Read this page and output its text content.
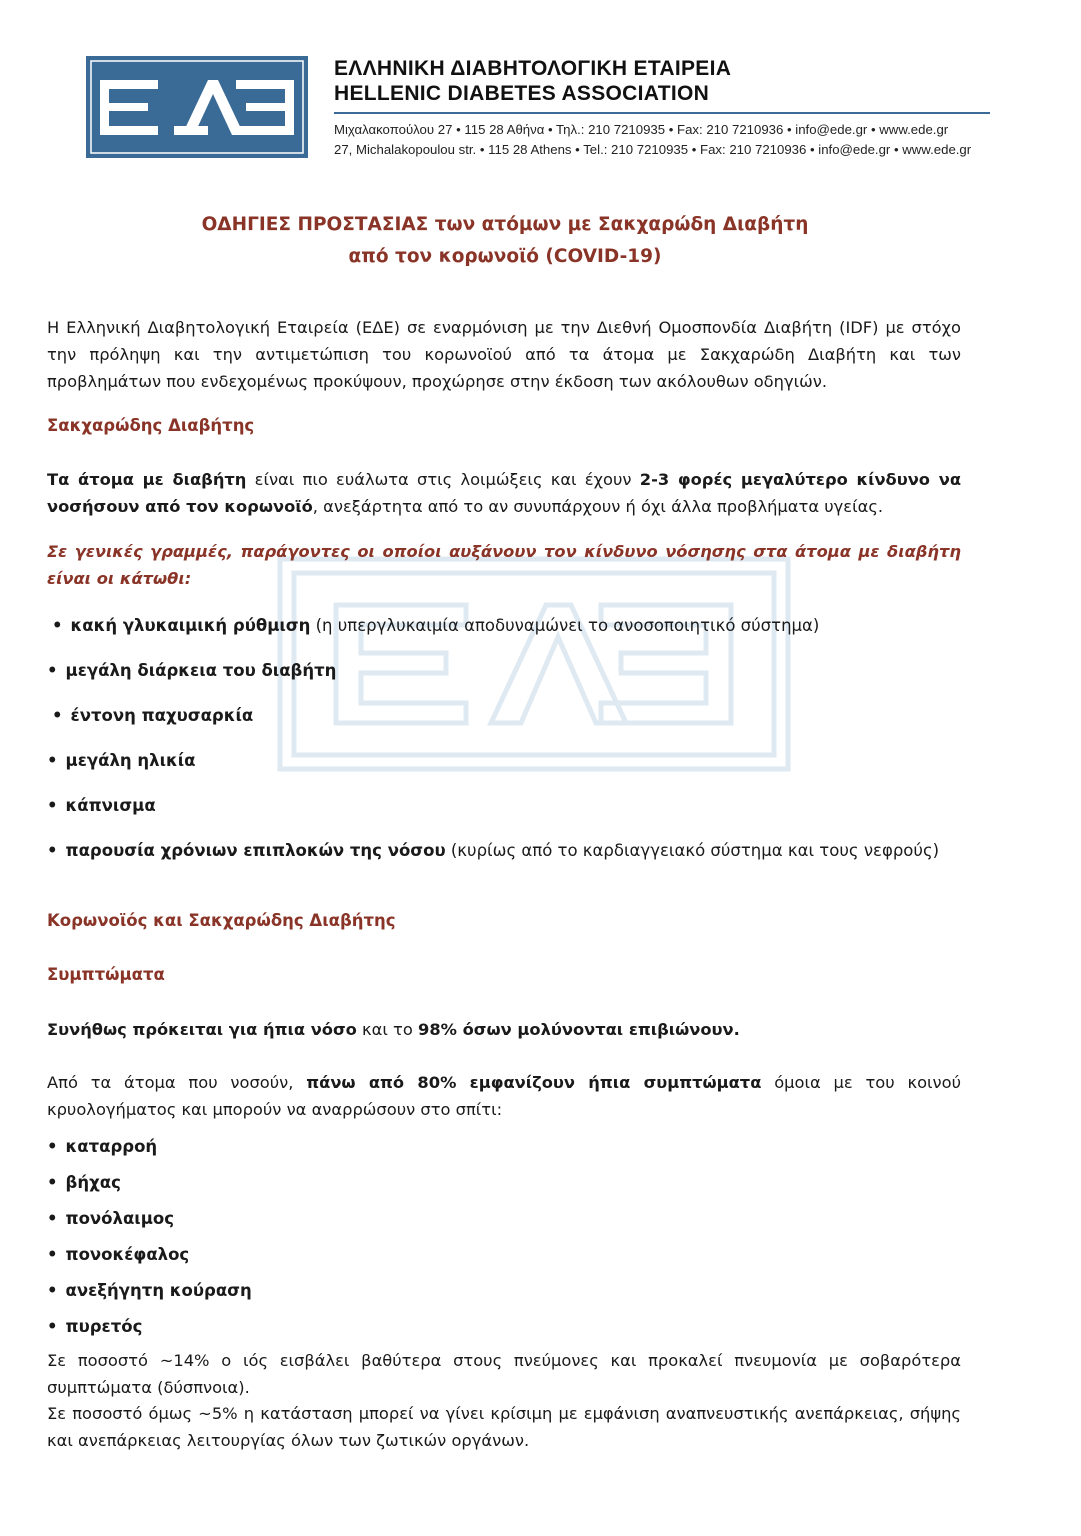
ΕΛΛΗΝΙΚΗ ΔΙΑΒΗΤΟΛΟΓΙΚΗ ΕΤΑΙΡΕΙΑ
HELLENIC DIABETES ASSOCIATION
Μιχαλακοπούλου 27 • 115 28 Αθήνα • Τηλ.: 210 7210935 • Fax: 210 7210936 • info@ede.gr • www.ede.gr
27, Michalakopoulou str. • 115 28 Athens • Tel.: 210 7210935 • Fax: 210 7210936 • info@ede.gr • www.ede.gr
ΟΔΗΓΙΕΣ ΠΡΟΣΤΑΣΙΑΣ των ατόμων με Σακχαρώδη Διαβήτη
από τον κορωνοϊό (COVID-19)
Η Ελληνική Διαβητολογική Εταιρεία (ΕΔΕ) σε εναρμόνιση με την Διεθνή Ομοσπονδία Διαβήτη (IDF) με στόχο την πρόληψη και την αντιμετώπιση του κορωνοϊού από τα άτομα με Σακχαρώδη Διαβήτη και των προβλημάτων που ενδεχομένως προκύψουν, προχώρησε στην έκδοση των ακόλουθων οδηγιών.
Σακχαρώδης Διαβήτης
Τα άτομα με διαβήτη είναι πιο ευάλωτα στις λοιμώξεις και έχουν 2-3 φορές μεγαλύτερο κίνδυνο να νοσήσουν από τον κορωνοϊό, ανεξάρτητα από το αν συνυπάρχουν ή όχι άλλα προβλήματα υγείας.
Σε γενικές γραμμές, παράγοντες οι οποίοι αυξάνουν τον κίνδυνο νόσησης στα άτομα με διαβήτη είναι οι κάτωθι:
• κακή γλυκαιμική ρύθμιση (η υπεργλυκαιμία αποδυναμώνει το ανοσοποιητικό σύστημα)
• μεγάλη διάρκεια του διαβήτη
• έντονη παχυσαρκία
• μεγάλη ηλικία
• κάπνισμα
• παρουσία χρόνιων επιπλοκών της νόσου (κυρίως από το καρδιαγγειακό σύστημα και τους νεφρούς)
Κορωνοϊός και Σακχαρώδης Διαβήτης
Συμπτώματα
Συνήθως πρόκειται για ήπια νόσο και το 98% όσων μολύνονται επιβιώνουν.
Από τα άτομα που νοσούν, πάνω από 80% εμφανίζουν ήπια συμπτώματα όμοια με του κοινού κρυολογήματος και μπορούν να αναρρώσουν στο σπίτι:
• καταρροή
• βήχας
• πονόλαιμος
• πονοκέφαλος
• ανεξήγητη κούραση
• πυρετός
Σε ποσοστό ~14% ο ιός εισβάλει βαθύτερα στους πνεύμονες και προκαλεί πνευμονία με σοβαρότερα συμπτώματα (δύσπνοια).
Σε ποσοστό όμως ~5% η κατάσταση μπορεί να γίνει κρίσιμη με εμφάνιση αναπνευστικής ανεπάρκειας, σήψης και ανεπάρκειας λειτουργίας όλων των ζωτικών οργάνων.
